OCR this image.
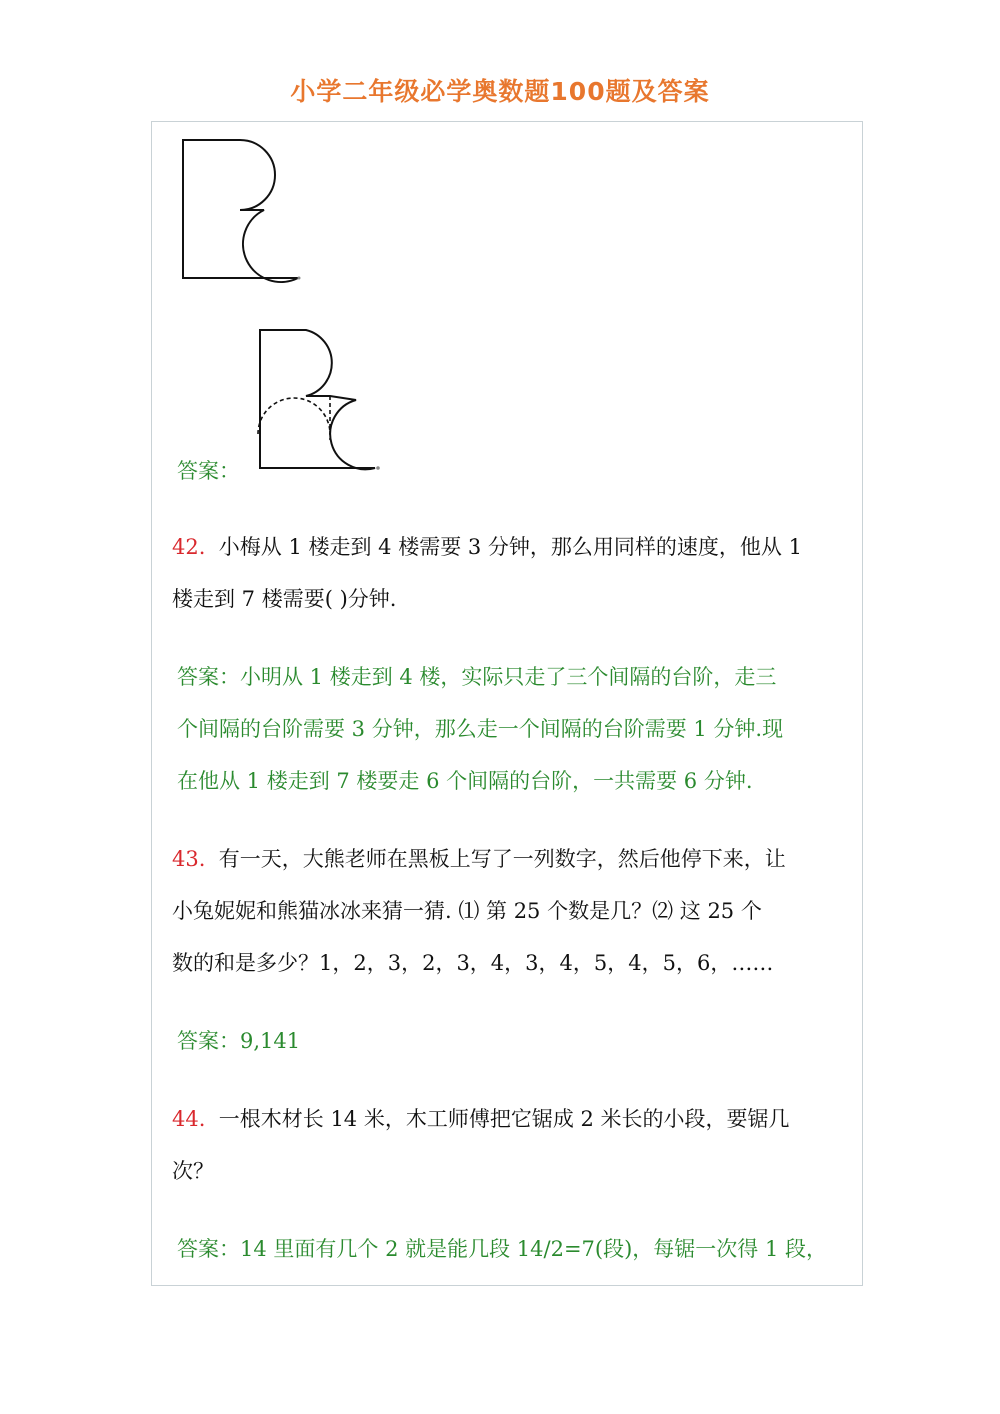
小学二年级必学奥数题100题及答案
答案：
42. 小梅从 1 楼走到 4 楼需要 3 分钟，那么用同样的速度，他从 1
楼走到 7 楼需要( )分钟.
答案：小明从 1 楼走到 4 楼，实际只走了三个间隔的台阶，走三
个间隔的台阶需要 3 分钟，那么走一个间隔的台阶需要 1 分钟.现
在他从 1 楼走到 7 楼要走 6 个间隔的台阶，一共需要 6 分钟.
43. 有一天，大熊老师在黑板上写了一列数字，然后他停下来，让
小兔妮妮和熊猫冰冰来猜一猜. ⑴ 第 25 个数是几？⑵ 这 25 个
数的和是多少？1，2，3，2，3，4，3，4，5，4，5，6，……
答案：9,141
44. 一根木材长 14 米，木工师傅把它锯成 2 米长的小段，要锯几
次？
答案：14 里面有几个 2 就是能几段 14/2=7(段)，每锯一次得 1 段，
